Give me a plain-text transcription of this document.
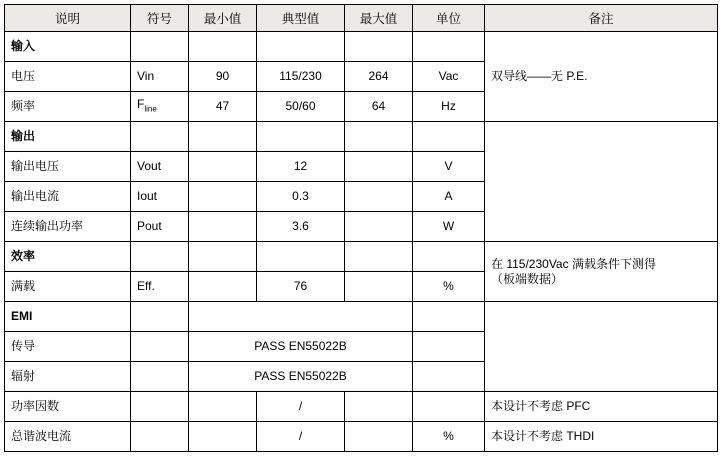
说明	符号	最小值	典型值	最大值	单位	备注

输入						双导线——无 P.E.

电压	Vin	90	115/230	264	Vac	

频率	$F_{line}$	47	50/60	64	Hz	

输出						

输出电压	Vout		12		V	

输出电流	Iout		0.3		A	

连续输出功率	Pout		3.6		W	

效率						在 115/230Vac 满载条件下测得
（板端数据）

满载	Eff.		76		%	

EMI						

传导		PASS EN55022B				

辐射		PASS EN55022B				

功率因数			/			本设计不考虑 PFC

总谐波电流			/		%	本设计不考虑 THDI
